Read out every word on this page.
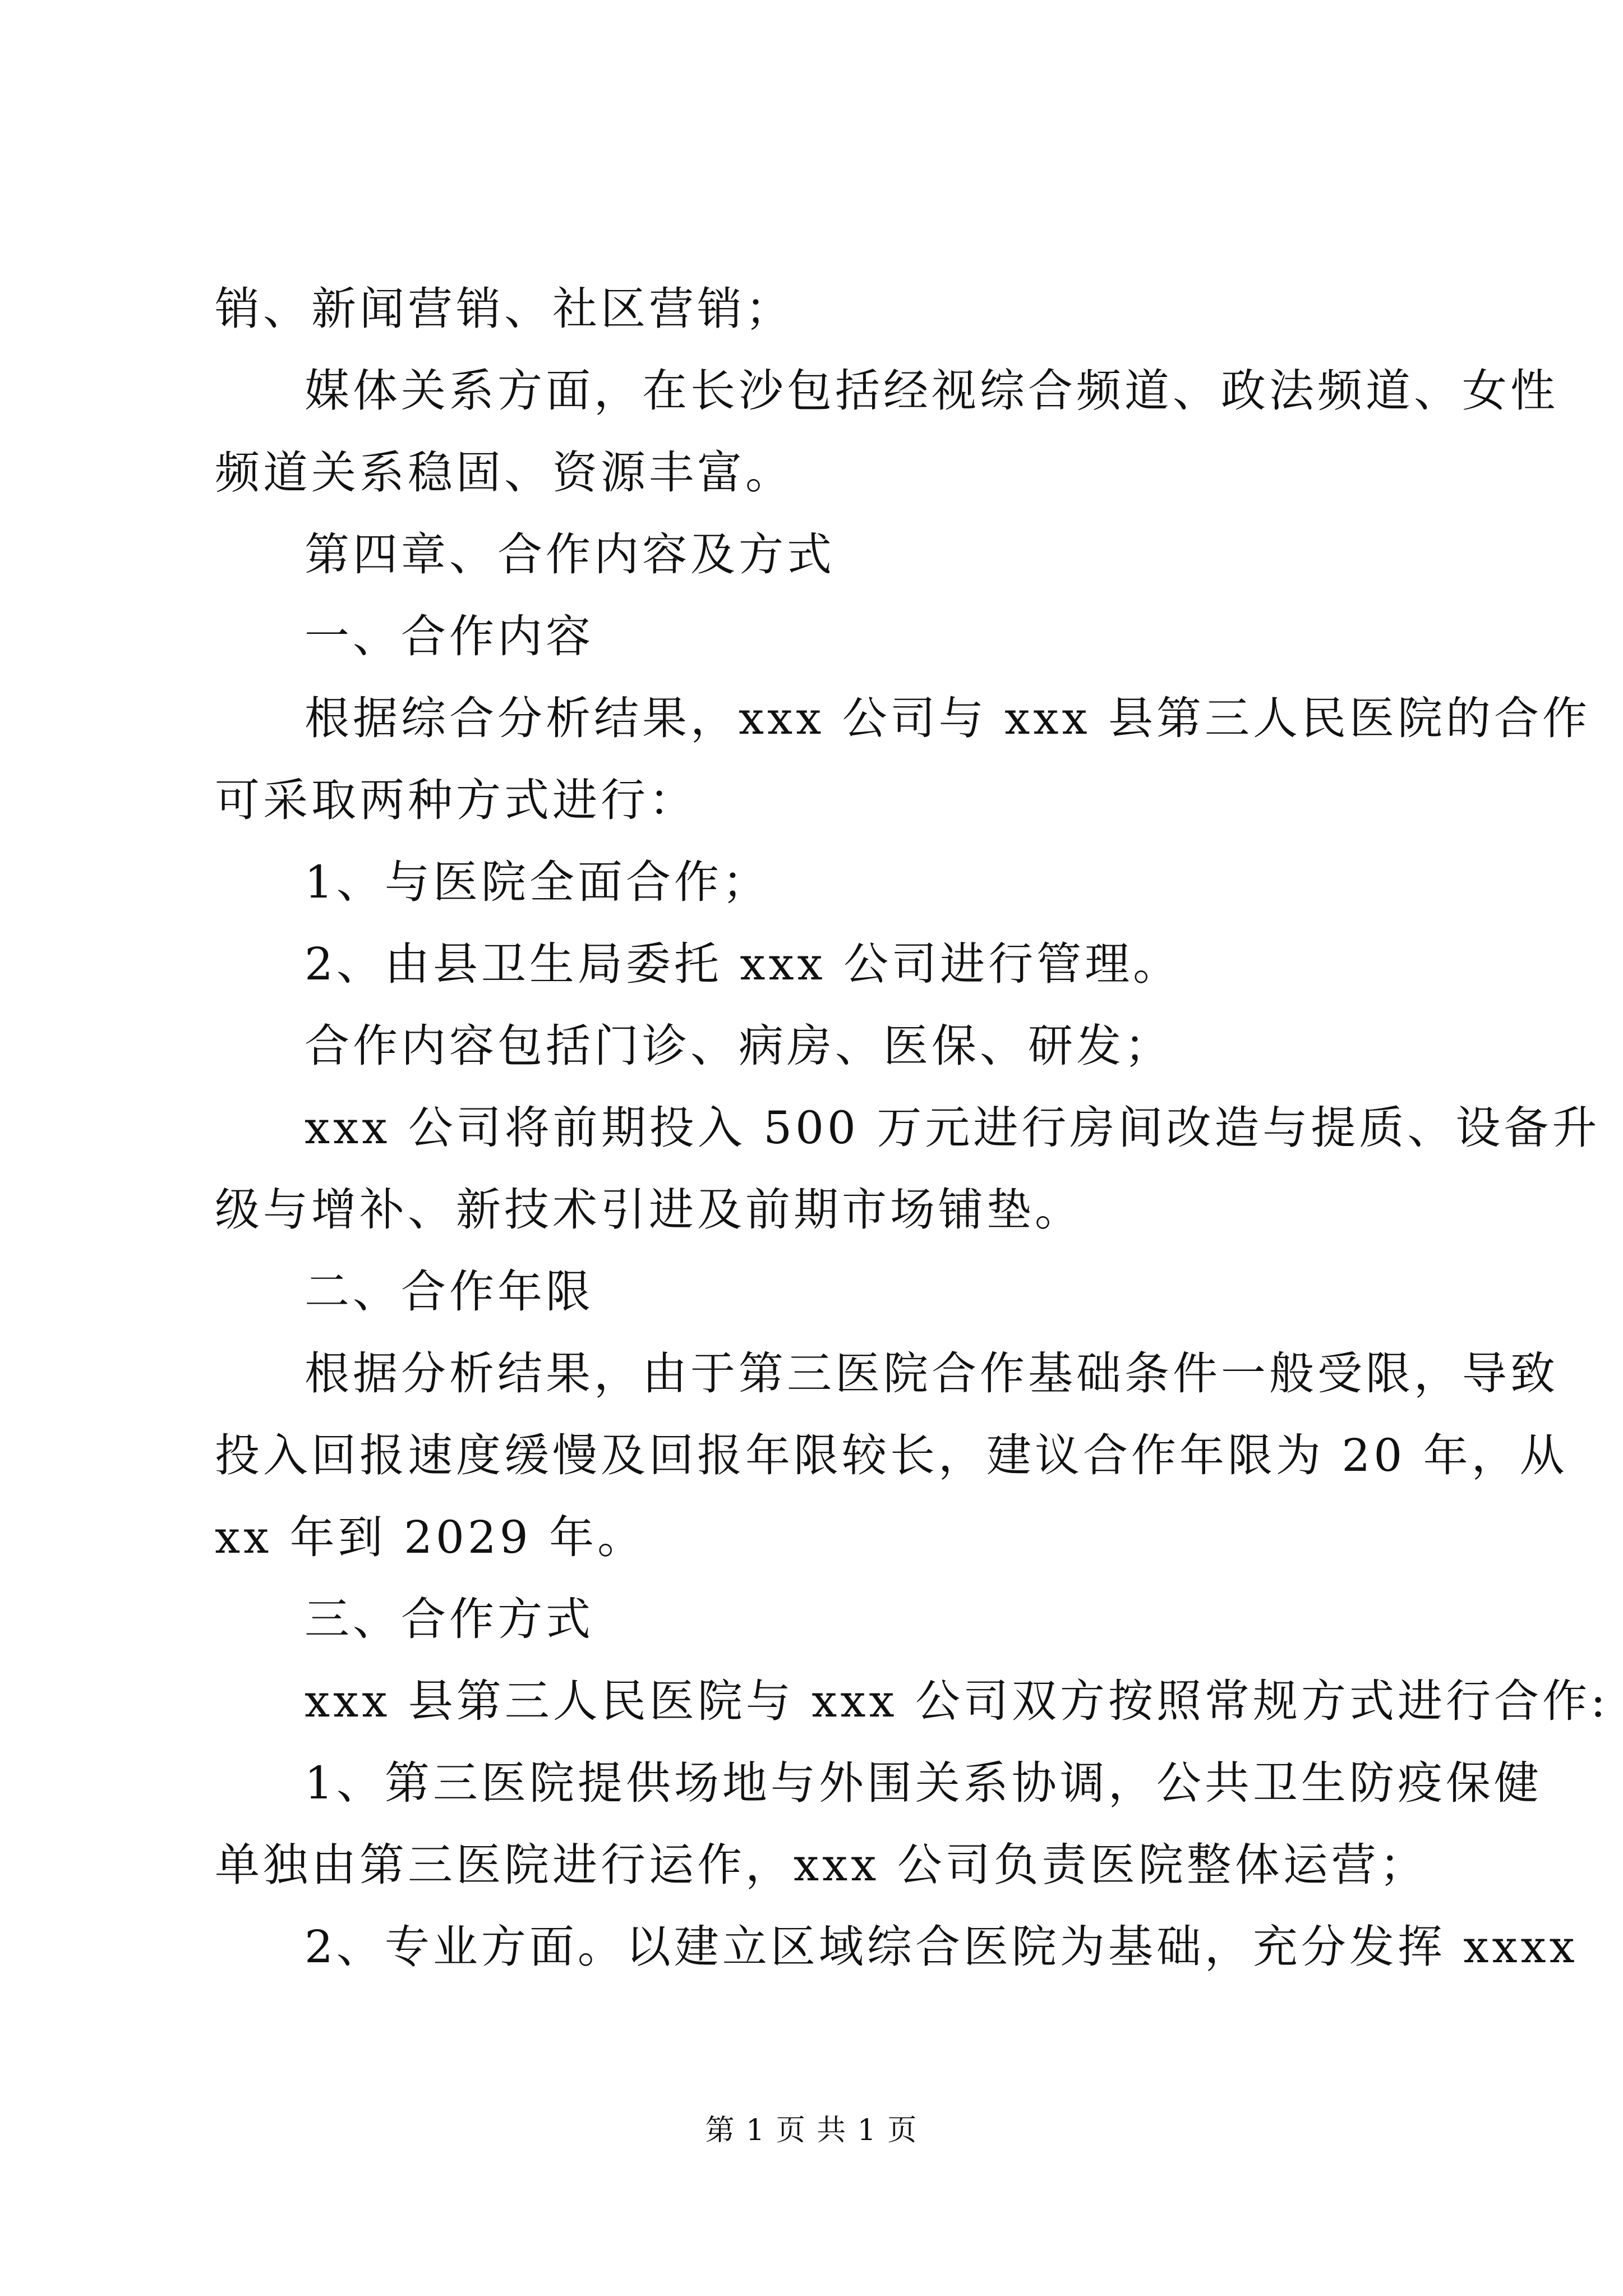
销、新闻营销、社区营销；
媒体关系方面，在长沙包括经视综合频道、政法频道、女性
频道关系稳固、资源丰富。
第四章、合作内容及方式
一、合作内容
根据综合分析结果，xxx 公司与 xxx 县第三人民医院的合作
可采取两种方式进行：
1、与医院全面合作；
2、由县卫生局委托 xxx 公司进行管理。
合作内容包括门诊、病房、医保、研发；
xxx 公司将前期投入 500 万元进行房间改造与提质、设备升
级与增补、新技术引进及前期市场铺垫。
二、合作年限
根据分析结果，由于第三医院合作基础条件一般受限，导致
投入回报速度缓慢及回报年限较长，建议合作年限为 20 年，从
xx 年到 2029 年。
三、合作方式
xxx 县第三人民医院与 xxx 公司双方按照常规方式进行合作:
1、第三医院提供场地与外围关系协调，公共卫生防疫保健
单独由第三医院进行运作，xxx 公司负责医院整体运营；
2、专业方面。以建立区域综合医院为基础，充分发挥 xxxx
第 1 页 共 1 页
